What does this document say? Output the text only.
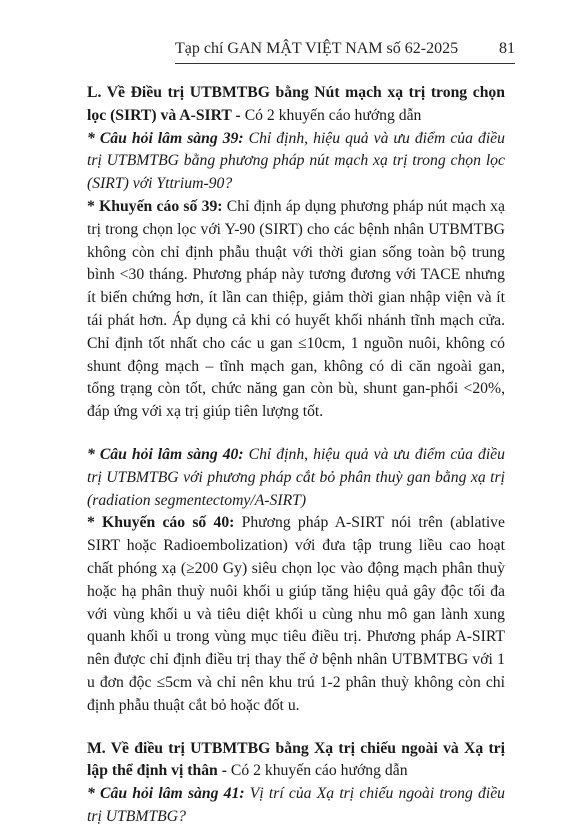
Tạp chí GAN MẬT VIỆT NAM số 62-2025	81

L. Về Điều trị UTBMTBG bằng Nút mạch xạ trị trong chọn lọc (SIRT) và A-SIRT - Có 2 khuyến cáo hướng dẫn

* Câu hỏi lâm sàng 39: Chỉ định, hiệu quả và ưu điểm của điều trị UTBMTBG bằng phương pháp nút mạch xạ trị trong chọn lọc (SIRT) với Yttrium-90?

* Khuyến cáo số 39: Chỉ định áp dụng phương pháp nút mạch xạ trị trong chọn lọc với Y-90 (SIRT) cho các bệnh nhân UTBMTBG không còn chỉ định phẫu thuật với thời gian sống toàn bộ trung bình <30 tháng. Phương pháp này tương đương với TACE nhưng ít biến chứng hơn, ít lần can thiệp, giảm thời gian nhập viện và ít tái phát hơn. Áp dụng cả khi có huyết khối nhánh tĩnh mạch cửa. Chỉ định tốt nhất cho các u gan ≤10cm, 1 nguồn nuôi, không có shunt động mạch – tĩnh mạch gan, không có di căn ngoài gan, tổng trạng còn tốt, chức năng gan còn bù, shunt gan-phổi <20%, đáp ứng với xạ trị giúp tiên lượng tốt.

* Câu hỏi lâm sàng 40: Chỉ định, hiệu quả và ưu điểm của điều trị UTBMTBG với phương pháp cắt bỏ phân thuỳ gan bằng xạ trị (radiation segmentectomy/A-SIRT)

* Khuyến cáo số 40: Phương pháp A-SIRT nói trên (ablative SIRT hoặc Radioembolization) với đưa tập trung liều cao hoạt chất phóng xạ (≥200 Gy) siêu chọn lọc vào động mạch phân thuỳ hoặc hạ phân thuỳ nuôi khối u giúp tăng hiệu quả gây độc tối đa với vùng khối u và tiêu diệt khối u cùng nhu mô gan lành xung quanh khối u trong vùng mục tiêu điều trị. Phương pháp A-SIRT nên được chỉ định điều trị thay thế ở bệnh nhân UTBMTBG với 1 u đơn độc ≤5cm và chỉ nên khu trú 1-2 phân thuỳ không còn chỉ định phẫu thuật cắt bỏ hoặc đốt u.

M. Về điều trị UTBMTBG bằng Xạ trị chiếu ngoài và Xạ trị lập thể định vị thân - Có 2 khuyến cáo hướng dẫn

* Câu hỏi lâm sàng 41: Vị trí của Xạ trị chiếu ngoài trong điều trị UTBMTBG?
